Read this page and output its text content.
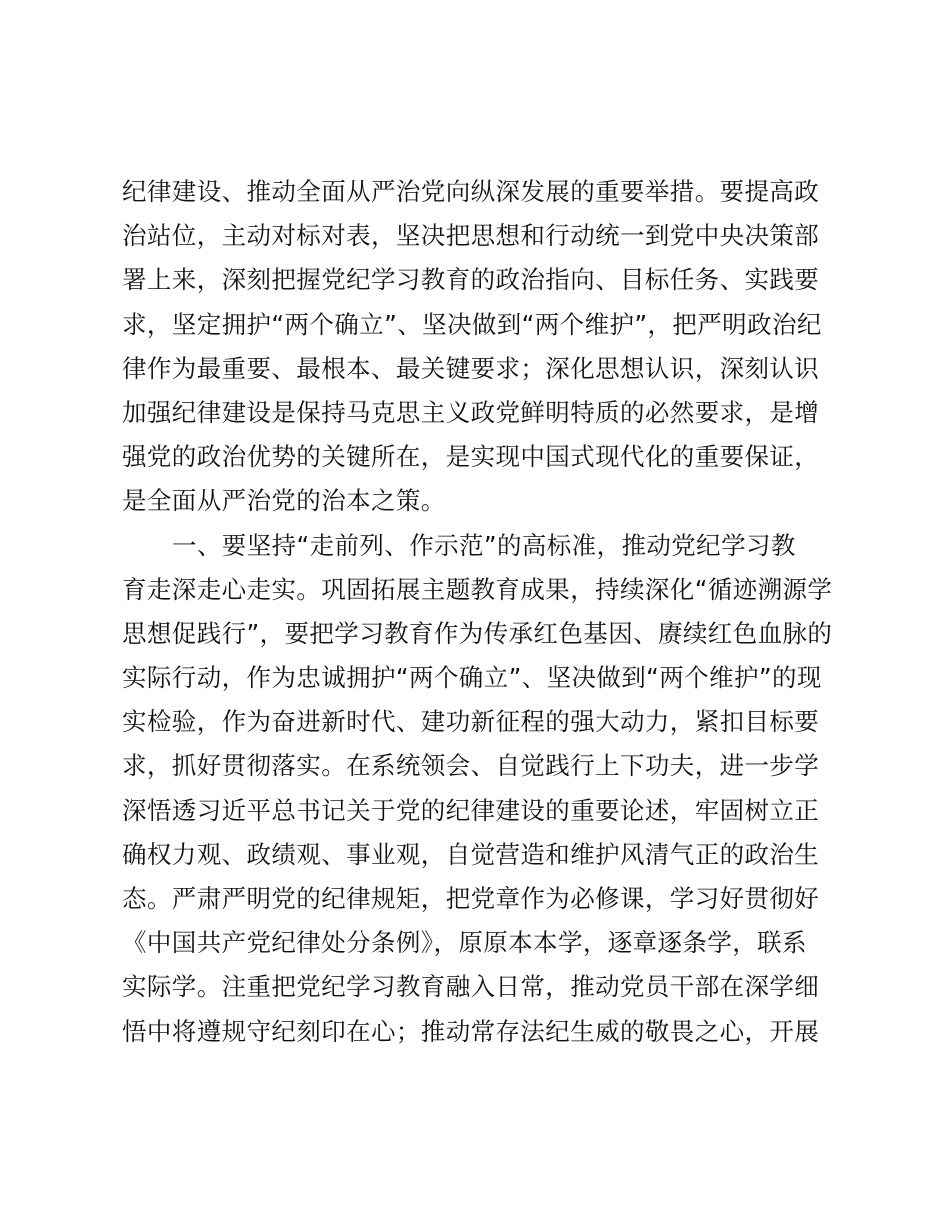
纪律建设、推动全面从严治党向纵深发展的重要举措。要提高政
治站位，主动对标对表，坚决把思想和行动统一到党中央决策部
署上来，深刻把握党纪学习教育的政治指向、目标任务、实践要
求，坚定拥护“两个确立”、坚决做到“两个维护”，把严明政治纪
律作为最重要、最根本、最关键要求；深化思想认识，深刻认识
加强纪律建设是保持马克思主义政党鲜明特质的必然要求，是增
强党的政治优势的关键所在，是实现中国式现代化的重要保证，
是全面从严治党的治本之策。
一、要坚持“走前列、作示范”的高标准，推动党纪学习教
育走深走心走实。巩固拓展主题教育成果，持续深化“循迹溯源学
思想促践行”，要把学习教育作为传承红色基因、赓续红色血脉的
实际行动，作为忠诚拥护“两个确立”、坚决做到“两个维护”的现
实检验，作为奋进新时代、建功新征程的强大动力，紧扣目标要
求，抓好贯彻落实。在系统领会、自觉践行上下功夫，进一步学
深悟透习近平总书记关于党的纪律建设的重要论述，牢固树立正
确权力观、政绩观、事业观，自觉营造和维护风清气正的政治生
态。严肃严明党的纪律规矩，把党章作为必修课，学习好贯彻好
《中国共产党纪律处分条例》，原原本本学，逐章逐条学，联系
实际学。注重把党纪学习教育融入日常，推动党员干部在深学细
悟中将遵规守纪刻印在心；推动常存法纪生威的敬畏之心，开展
